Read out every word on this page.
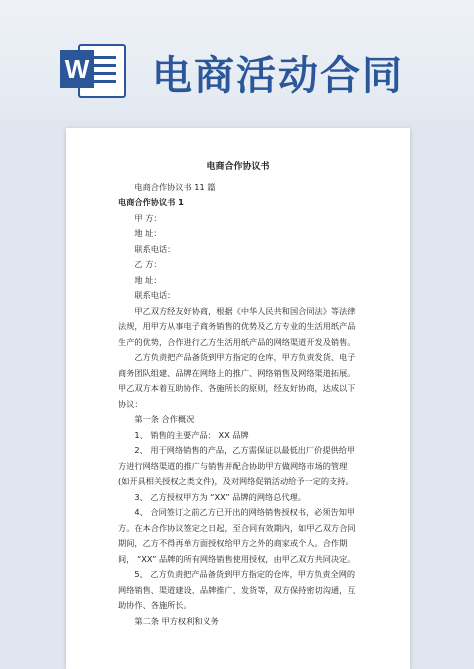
W 电商活动合同

电商合作协议书

电商合作协议书 11 篇

电商合作协议书 1

甲 方：

地 址：

联系电话：

乙 方：

地 址：

联系电话：

甲乙双方经友好协商，根据《中华人民共和国合同法》等法律法规，用甲方从事电子商务销售的优势及乙方专业的生活用纸产品生产的优势，合作进行乙方生活用纸产品的网络渠道开发及销售。

乙方负责把产品备货到甲方指定的仓库，甲方负责发货、电子商务团队组建、品牌在网络上的推广、网络销售及网络渠道拓展。甲乙双方本着互助协作、各施所长的原则，经友好协商，达成以下协议：

第一条 合作概况

1、 销售的主要产品： XX 品牌

2、 用于网络销售的产品，乙方需保证以最低出厂价提供给甲方进行网络渠道的推广与销售并配合协助甲方做网络市场的管理(如开具相关授权之类文件)，及对网络促销活动给予一定的支持。

3、 乙方授权甲方为 “XX” 品牌的网络总代理。

4、 合同签订之前乙方已开出的网络销售授权书，必须告知甲方。在本合作协议签定之日起，至合同有效期内，如甲乙双方合同期间，乙方不得再单方面授权给甲方之外的商家或个人。合作期间， “XX” 品牌的所有网络销售使用授权，由甲乙双方共同决定。

5、 乙方负责把产品备货到甲方指定的仓库，甲方负责全网的网络销售、渠道建设、品牌推广、发货等，双方保持密切沟通，互助协作、各施所长。

第二条 甲方权利和义务
